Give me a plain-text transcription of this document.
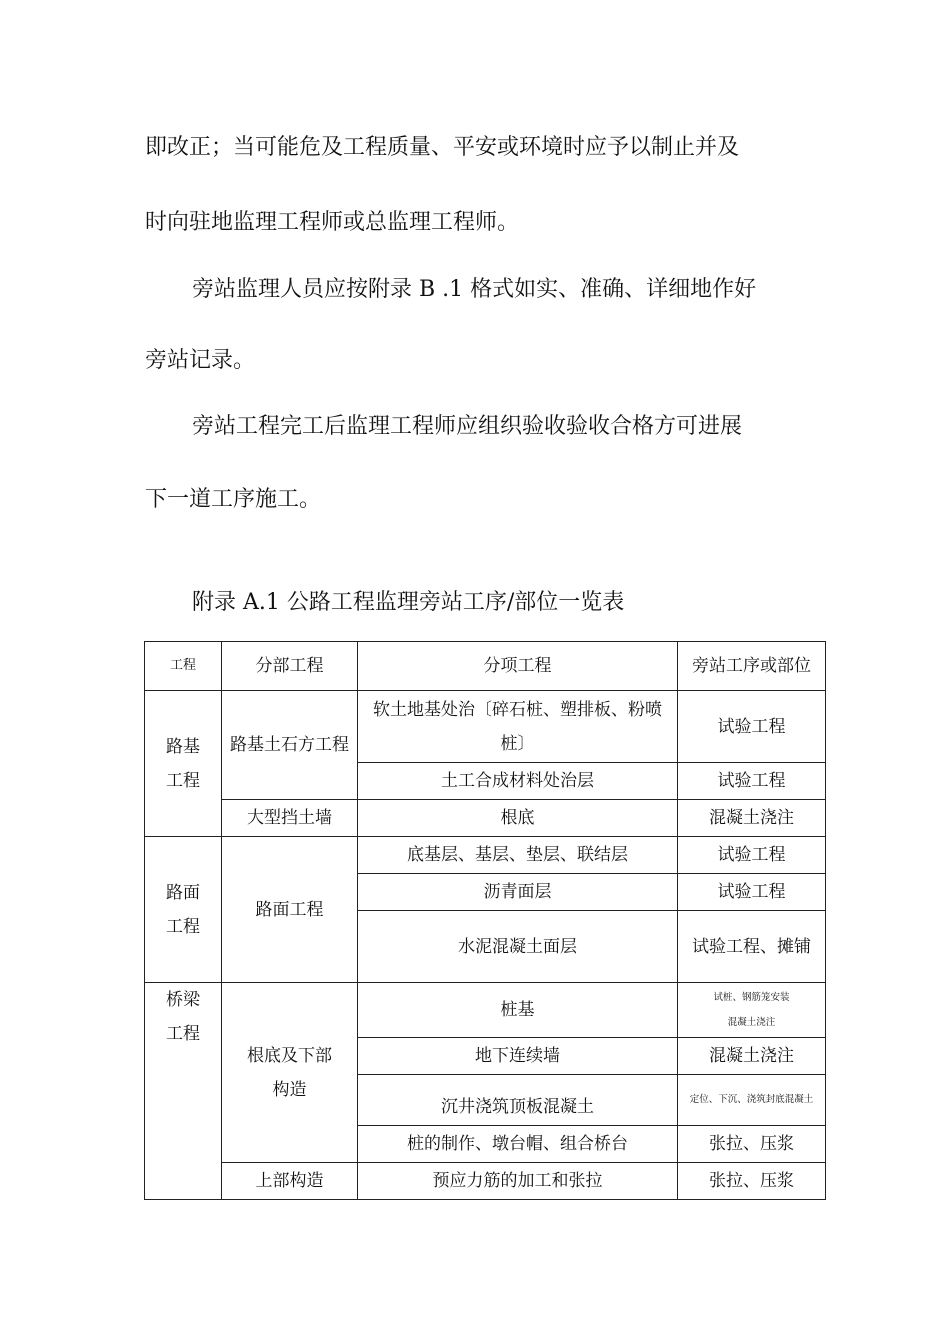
即改正；当可能危及工程质量、平安或环境时应予以制止并及
时向驻地监理工程师或总监理工程师。
旁站监理人员应按附录 B .1 格式如实、准确、详细地作好
旁站记录。
旁站工程完工后监理工程师应组织验收验收合格方可进展
下一道工序施工。
附录 A.1 公路工程监理旁站工序/部位一览表
工程	分部工程	分项工程	旁站工序或部位

路基工程	路基土石方工程	软土地基处治〔碎石桩、塑排板、粉喷桩〕	试验工程
		土工合成材料处治层	试验工程
	大型挡土墙	根底	混凝土浇注

路面工程	路面工程	底基层、基层、垫层、联结层	试验工程
		沥青面层	试验工程
		水泥混凝土面层	试验工程、摊铺

桥梁工程	根底及下部构造	桩基	试桩、钢筋笼安装
混凝土浇注

		地下连续墙	混凝土浇注
		沉井浇筑顶板混凝土	定位、下沉、浇筑封底混凝土
		桩的制作、墩台帽、组合桥台	张拉、压浆
	上部构造	预应力筋的加工和张拉	张拉、压浆
